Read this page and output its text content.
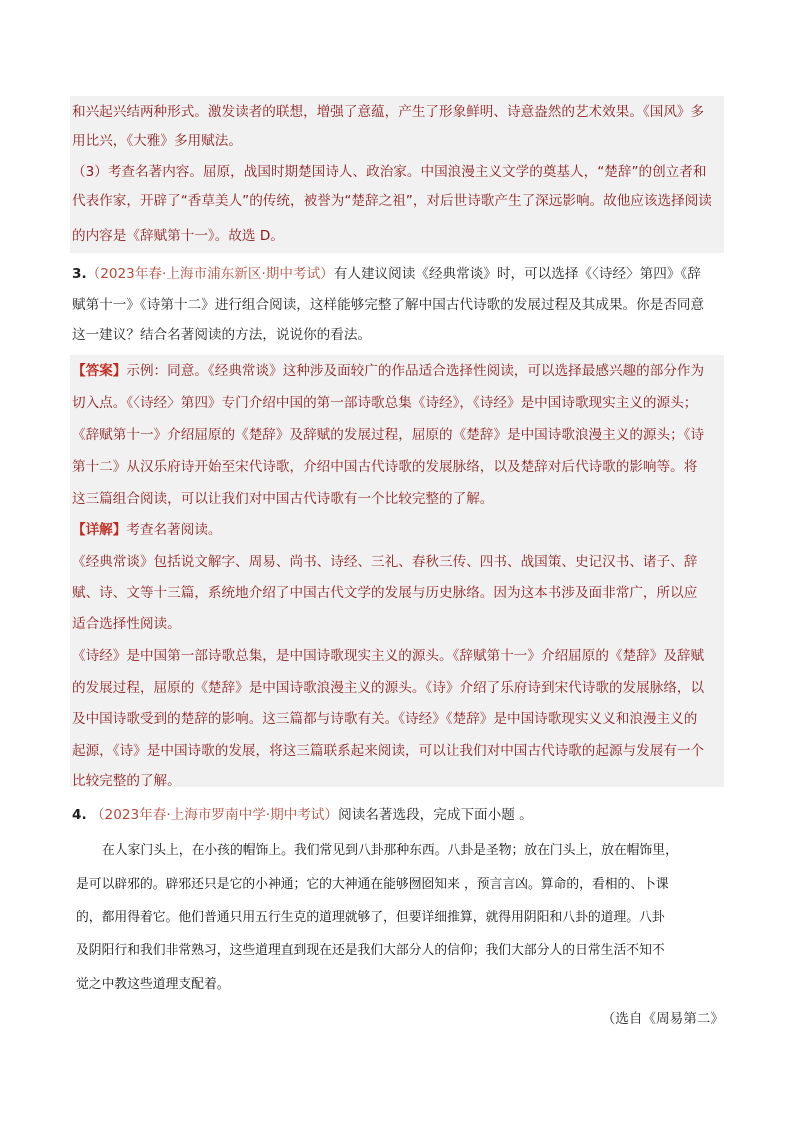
和兴起兴结两种形式。激发读者的联想，增强了意蕴，产生了形象鲜明、诗意盎然的艺术效果。《国风》多
用比兴，《大雅》多用赋法。
（3）考查名著内容。屈原，战国时期楚国诗人、政治家。中国浪漫主义文学的奠基人，“楚辞”的创立者和
代表作家，开辟了“香草美人”的传统，被誉为“楚辞之祖”，对后世诗歌产生了深远影响。故他应该选择阅读
的内容是《辞赋第十一》。故选 D。
3.（2023年春·上海市浦东新区·期中考试）有人建议阅读《经典常谈》时，可以选择《〈诗经〉第四》《辞
赋第十一》《诗第十二》进行组合阅读，这样能够完整了解中国古代诗歌的发展过程及其成果。你是否同意
这一建议？结合名著阅读的方法，说说你的看法。
【答案】示例：同意。《经典常谈》这种涉及面较广的作品适合选择性阅读，可以选择最感兴趣的部分作为
切入点。《〈诗经〉第四》专门介绍中国的第一部诗歌总集《诗经》，《诗经》是中国诗歌现实主义的源头；
《辞赋第十一》介绍屈原的《楚辞》及辞赋的发展过程，屈原的《楚辞》是中国诗歌浪漫主义的源头；《诗
第十二》从汉乐府诗开始至宋代诗歌，介绍中国古代诗歌的发展脉络，以及楚辞对后代诗歌的影响等。将
这三篇组合阅读，可以让我们对中国古代诗歌有一个比较完整的了解。
【详解】考查名著阅读。
《经典常谈》包括说文解字、周易、尚书、诗经、三礼、春秋三传、四书、战国策、史记汉书、诸子、辞
赋、诗、文等十三篇，系统地介绍了中国古代文学的发展与历史脉络。因为这本书涉及面非常广，所以应
适合选择性阅读。
《诗经》是中国第一部诗歌总集，是中国诗歌现实主义的源头。《辞赋第十一》介绍屈原的《楚辞》及辞赋
的发展过程，屈原的《楚辞》是中国诗歌浪漫主义的源头。《诗》介绍了乐府诗到宋代诗歌的发展脉络，以
及中国诗歌受到的楚辞的影响。这三篇都与诗歌有关。《诗经》《楚辞》是中国诗歌现实义义和浪漫主义的
起源，《诗》是中国诗歌的发展，将这三篇联系起来阅读，可以让我们对中国古代诗歌的起源与发展有一个
比较完整的了解。
4. （2023年春·上海市罗南中学·期中考试）阅读名著选段，完成下面小题 。
在人家门头上，在小孩的帽饰上。我们常见到八卦那种东西。八卦是圣物；放在门头上，放在帽饰里，
是可以辟邪的。辟邪还只是它的小神通；它的大神通在能够囫囵知来 ，预言言凶。算命的，看相的、卜课
的，都用得着它。他们普通只用五行生克的道理就够了，但要详细推算，就得用阴阳和八卦的道理。八卦
及阴阳行和我们非常熟习，这些道理直到现在还是我们大部分人的信仰；我们大部分人的日常生活不知不
觉之中教这些道理支配着。
（选自《周易第二》
